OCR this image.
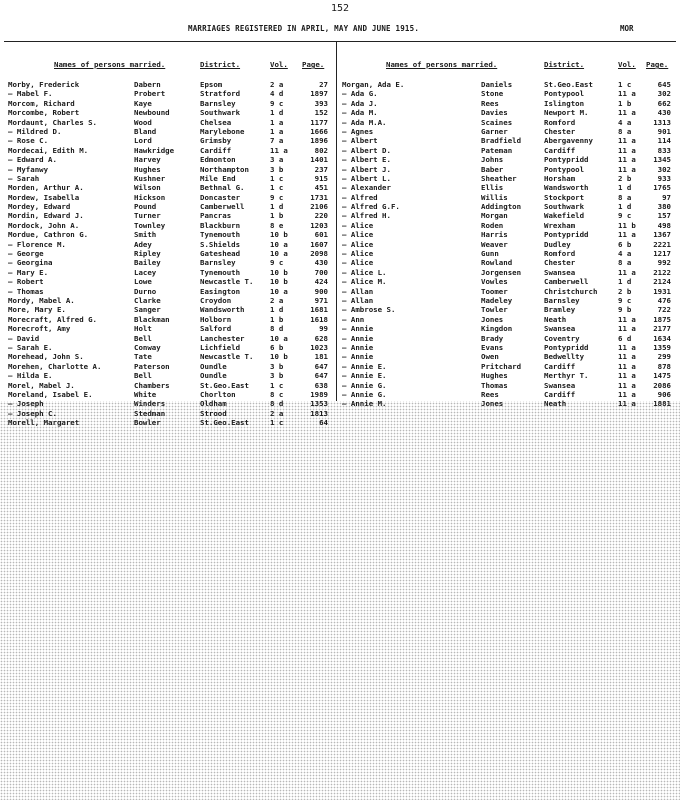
152
MARRIAGES REGISTERED IN APRIL, MAY AND JUNE 1915.	MOR
Names of persons married.	District.	Vol. Page.
Morby, Frederick	Dabern	Epsom	2 a	27
— Mabel F.	Probert	Stratford	4 d	1897
Morcom, Richard	Kaye	Barnsley	9 c	393
Morcombe, Robert	Newbound	Southwark	1 d	152
Mordaunt, Charles S.	Wood	Chelsea	1 a	1177
— Mildred D.	Bland	Marylebone	1 a	1666
— Rose C.	Lord	Grimsby	7 a	1896
Mordecai, Edith M.	Hawkridge	Cardiff	11 a	802
— Edward A.	Harvey	Edmonton	3 a	1401
— Myfanwy	Hughes	Northampton	3 b	237
— Sarah	Kushner	Mile End	1 c	915
Morden, Arthur A.	Wilson	Bethnal G.	1 c	451
Mordew, Isabella	Hickson	Doncaster	9 c	1731
Mordey, Edward	Pound	Camberwell	1 d	2106
Mordin, Edward J.	Turner	Pancras	1 b	220
Mordock, John A.	Townley	Blackburn	8 e	1203
Mordue, Cathron G.	Smith	Tynemouth	10 b	601
— Florence M.	Adey	S.Shields	10 a	1607
— George	Ripley	Gateshead	10 a	2098
— Georgina	Bailey	Barnsley	9 c	430
— Mary E.	Lacey	Tynemouth	10 b	700
— Robert	Lowe	Newcastle T. 10 b	424
— Thomas	Durno	Easington	10 a	900
Mordy, Mabel A.	Clarke	Croydon	2 a	971
More, Mary E.	Sanger	Wandsworth	1 d	1681
Morecraft, Alfred G.	Blackman	Holborn	1 b	1618
Morecroft, Amy	Holt	Salford	8 d	99
— David	Bell	Lanchester	10 a	628
— Sarah E.	Conway	Lichfield	6 b	1023
Morehead, John S.	Tate	Newcastle T. 10 b	181
Morehen, Charlotte A.	Paterson	Oundle	3 b	647
— Hilda E.	Bell	Oundle	3 b	647
Morel, Mabel J.	Chambers	St.Geo.East	1 c	638
Moreland, Isabel E.	White	Chorlton	8 c	1989
— Joseph	Winders	Oldham	8 d	1353
— Joseph C.	Stedman	Strood	2 a	1813
Morell, Margaret	Bowler	St.Geo.East	1 c	64
Names of persons married.	District.	Vol. Page.
Morgan, Ada E.	Daniels	St.Geo.East	1 c	645
— Ada G.	Stone	Pontypool	11 a	302
— Ada J.	Rees	Islington	1 b	662
— Ada M.	Davies	Newport M.	11 a	430
— Ada M.A.	Scaines	Romford	4 a	1313
— Agnes	Garner	Chester	8 a	901
— Albert	Bradfield	Abergavenny	11 a	114
— Albert D.	Pateman	Cardiff	11 a	833
— Albert E.	Johns	Pontypridd	11 a	1345
— Albert J.	Baber	Pontypool	11 a	302
— Albert L.	Sheather	Horsham	2 b	933
— Alexander	Ellis	Wandsworth	1 d	1765
— Alfred	Willis	Stockport	8 a	97
— Alfred G.F.	Addington	Southwark	1 d	380
— Alfred H.	Morgan	Wakefield	9 c	157
— Alice	Roden	Wrexham	11 b	498
— Alice	Harris	Pontypridd	11 a	1367
— Alice	Weaver	Dudley	6 b	2221
— Alice	Gunn	Romford	4 a	1217
— Alice	Rowland	Chester	8 a	992
— Alice L.	Jorgensen	Swansea	11 a	2122
— Alice M.	Vowles	Camberwell	1 d	2124
— Allan	Toomer	Christchurch	2 b	1931
— Allan	Madeley	Barnsley	9 c	476
— Ambrose S.	Towler	Bramley	9 b	722
— Ann	Jones	Neath	11 a	1875
— Annie	Kingdon	Swansea	11 a	2177
— Annie	Brady	Coventry	6 d	1634
— Annie	Evans	Pontypridd	11 a	1359
— Annie	Owen	Bedwellty	11 a	299
— Annie E.	Pritchard	Cardiff	11 a	878
— Annie E.	Hughes	Merthyr T.	11 a	1475
— Annie G.	Thomas	Swansea	11 a	2086
— Annie G.	Rees	Cardiff	11 a	906
— Annie M.	Jones	Neath	11 a	1881
